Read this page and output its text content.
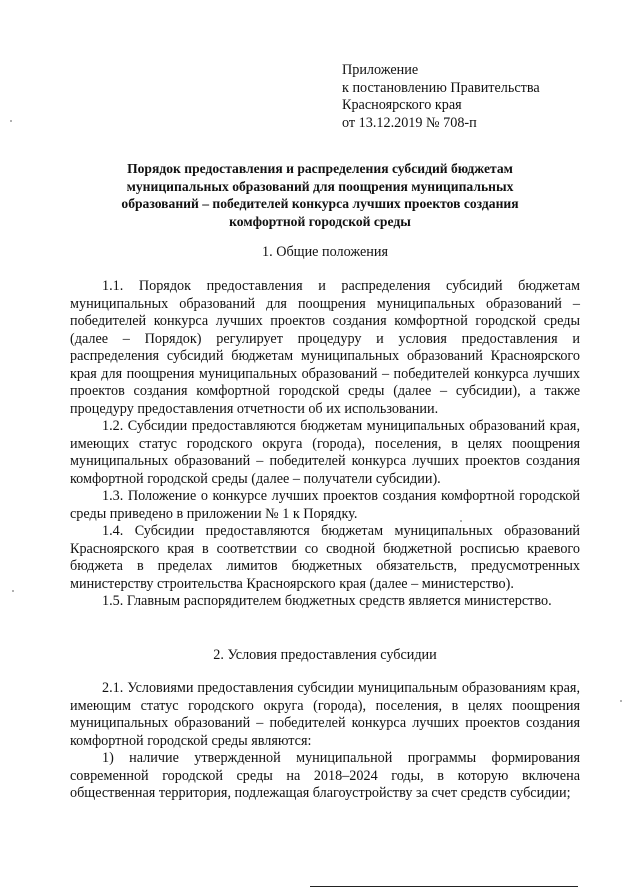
Приложение
к постановлению Правительства
Красноярского края
от 13.12.2019 № 708-п
Порядок предоставления и распределения субсидий бюджетам
муниципальных образований для поощрения муниципальных
образований – победителей конкурса лучших проектов создания
комфортной городской среды
1. Общие положения

1.1. Порядок предоставления и распределения субсидий бюджетам муниципальных образований для поощрения муниципальных образований – победителей конкурса лучших проектов создания комфортной городской среды (далее – Порядок) регулирует процедуру и условия предоставления и распределения субсидий бюджетам муниципальных образований Красноярского края для поощрения муниципальных образований – победителей конкурса лучших проектов создания комфортной городской среды (далее – субсидии), а также процедуру предоставления отчетности об их использовании.

1.2. Субсидии предоставляются бюджетам муниципальных образований края, имеющих статус городского округа (города), поселения, в целях поощрения муниципальных образований – победителей конкурса лучших проектов создания комфортной городской среды (далее – получатели субсидии).

1.3. Положение о конкурсе лучших проектов создания комфортной городской среды приведено в приложении № 1 к Порядку.

1.4. Субсидии предоставляются бюджетам муниципальных образований Красноярского края в соответствии со сводной бюджетной росписью краевого бюджета в пределах лимитов бюджетных обязательств, предусмотренных министерству строительства Красноярского края (далее – министерство).

1.5. Главным распорядителем бюджетных средств является министерство.

2. Условия предоставления субсидии

2.1. Условиями предоставления субсидии муниципальным образованиям края, имеющим статус городского округа (города), поселения, в целях поощрения муниципальных образований – победителей конкурса лучших проектов создания комфортной городской среды являются:

1) наличие утвержденной муниципальной программы формирования современной городской среды на 2018–2024 годы, в которую включена общественная территория, подлежащая благоустройству за счет средств субсидии;
